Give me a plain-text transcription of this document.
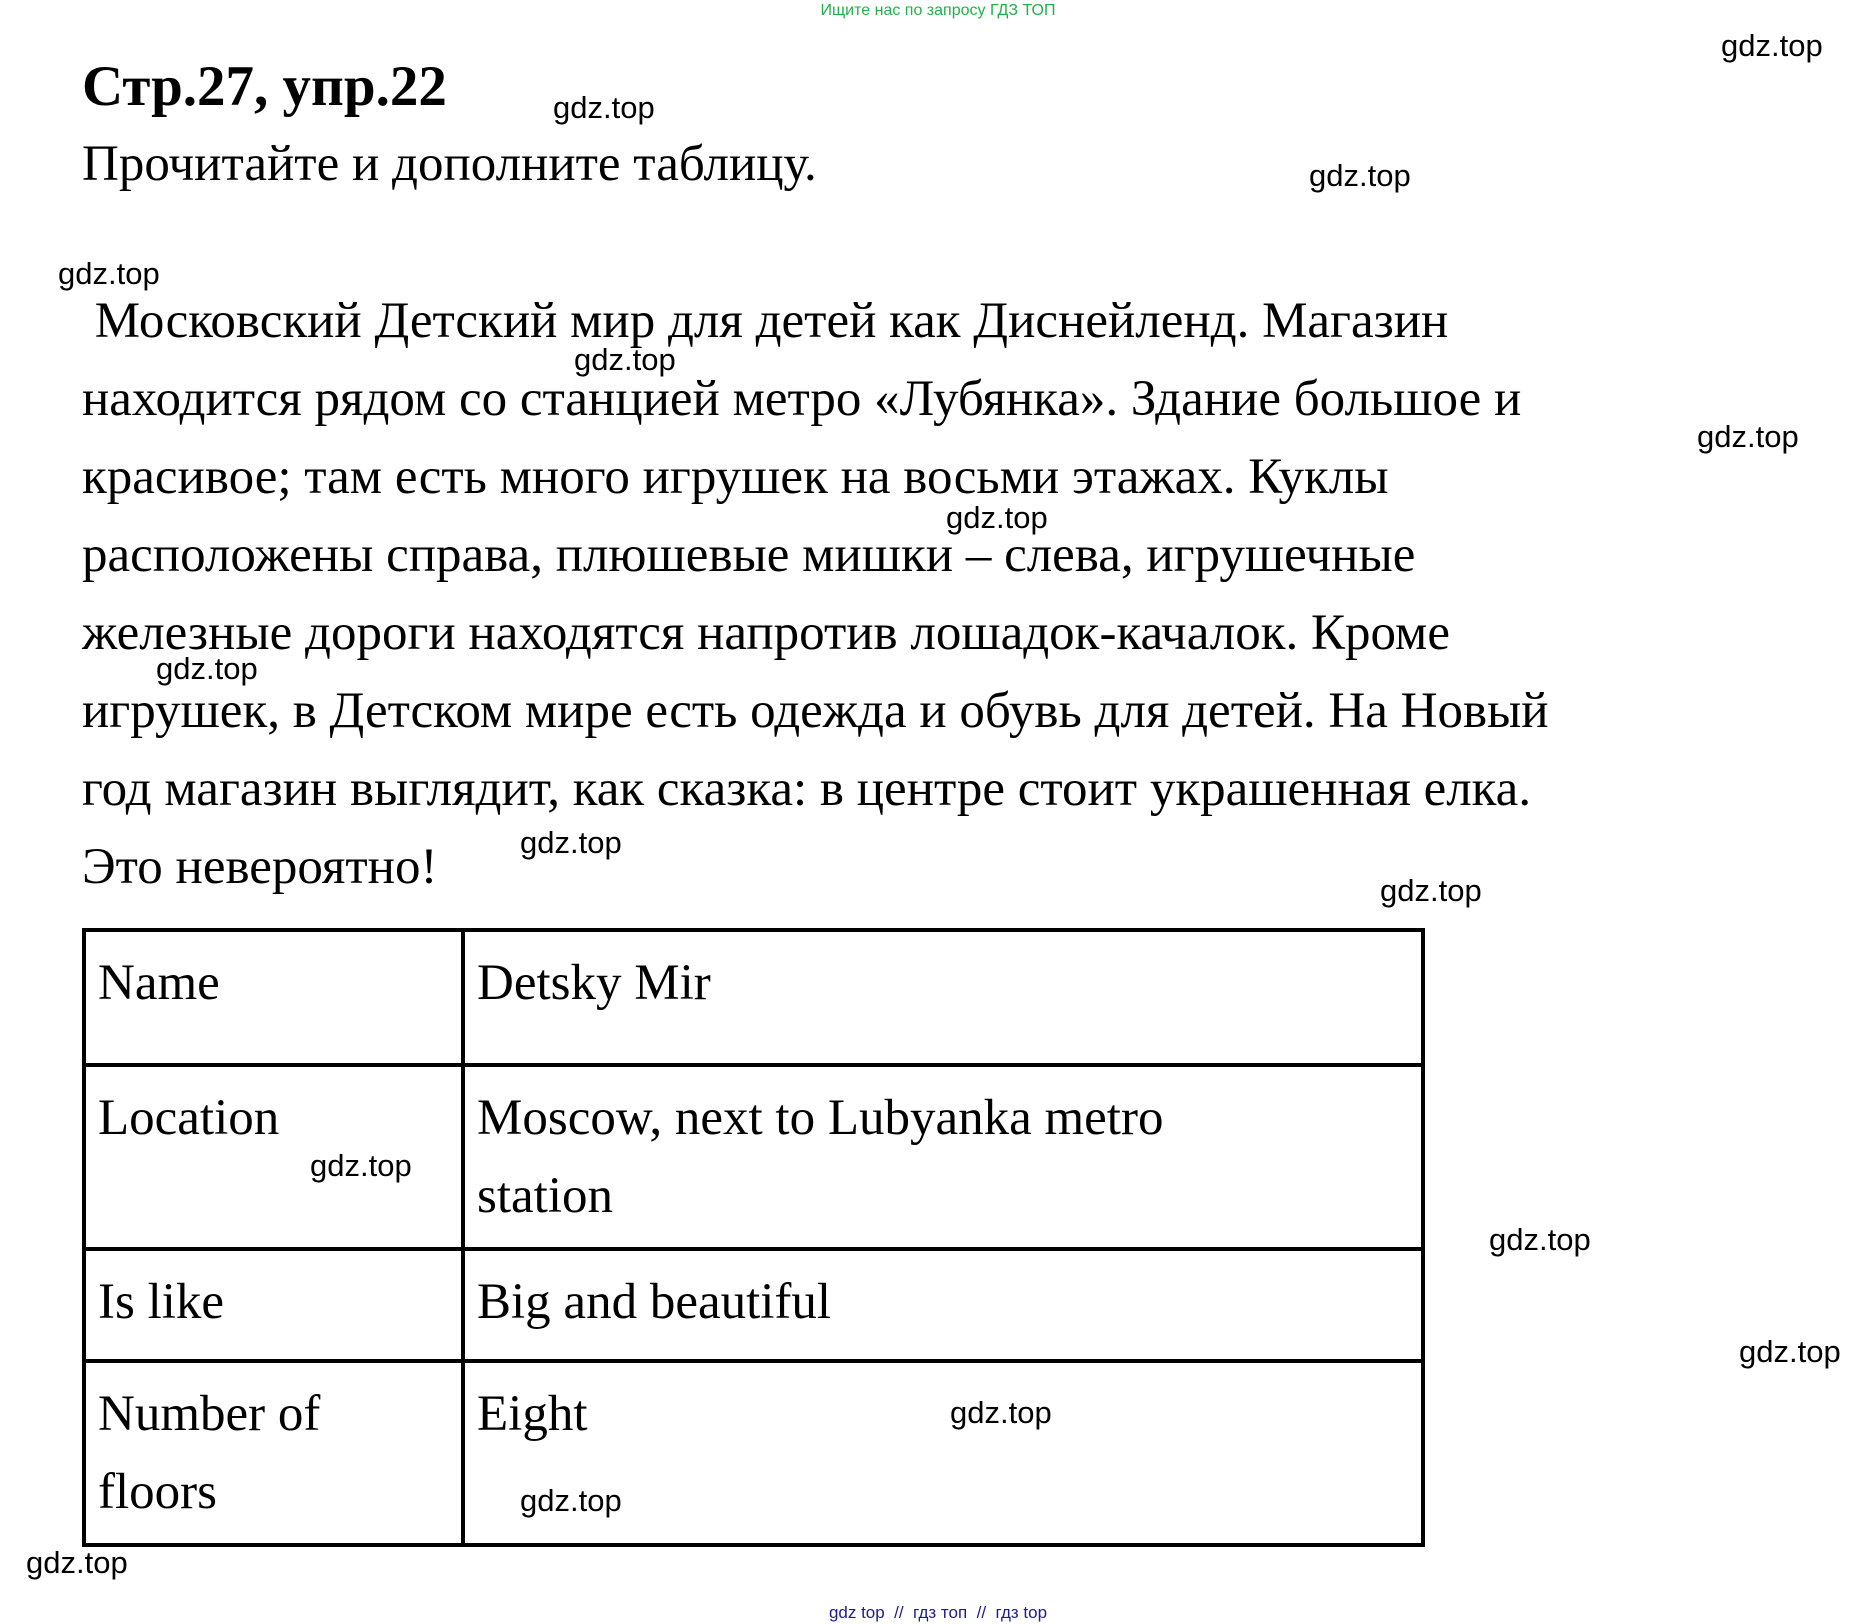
Ищите нас по запросу ГДЗ ТОП
Стр.27, упр.22

Прочитайте и дополните таблицу.

Московский Детский мир для детей как Диснейленд. Магазин
находится рядом со станцией метро «Лубянка». Здание большое и
красивое; там есть много игрушек на восьми этажах. Куклы
расположены справа, плюшевые мишки – слева, игрушечные
железные дороги находятся напротив лошадок-качалок. Кроме
игрушек, в Детском мире есть одежда и обувь для детей. На Новый
год магазин выглядит, как сказка: в центре стоит украшенная елка.
Это невероятно!
Name	Detsky Mir
Location	Moscow, next to Lubyanka metro
station
Is like	Big and beautiful
Number of
floors	Eight
gdz.top
gdz.top
gdz.top
gdz.top
gdz.top
gdz.top
gdz.top
gdz.top
gdz.top
gdz.top
gdz.top
gdz.top
gdz.top
gdz.top
gdz.top
gdz.top
gdz top  //  гдз топ  //  гдз top
